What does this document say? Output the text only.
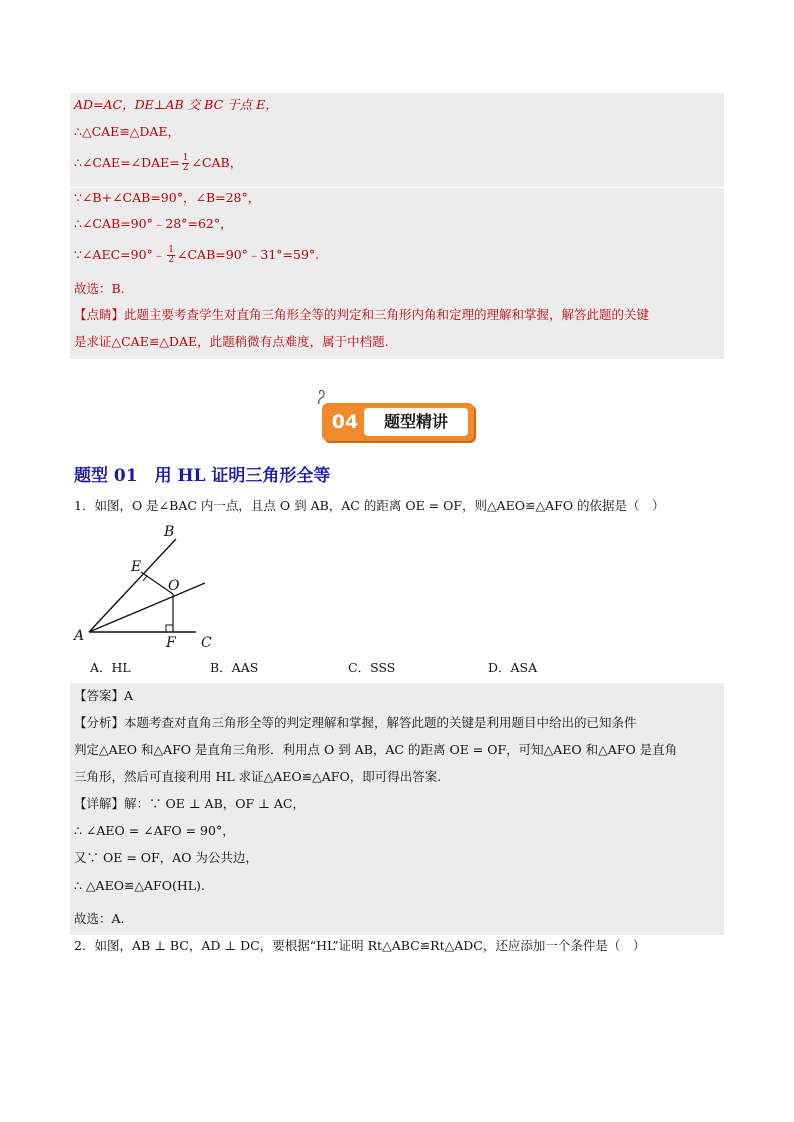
AD=AC，DE⊥AB 交 BC 于点 E，
∴△CAE≌△DAE，
∴∠CAE=∠DAE= $\frac{1}{2}$ ∠CAB，
∵∠B+∠CAB=90°，∠B=28°，
∴∠CAB=90°﹣28°=62°，
∵∠AEC=90°﹣ $\frac{1}{2}$ ∠CAB=90°﹣31°=59°.
故选：B.
【点睛】此题主要考查学生对直角三角形全等的判定和三角形内角和定理的理解和掌握，解答此题的关键
是求证△CAE≌△DAE，此题稍微有点难度，属于中档题.
04	题型精讲
题型 01　用 HL 证明三角形全等
1．如图，O 是∠BAC 内一点，且点 O 到 AB，AC 的距离 OE = OF，则△AEO≌△AFO 的依据是（　）
B
E
O
A	F C
A．HL	B．AAS	C．SSS	D．ASA
【答案】A
【分析】本题考查对直角三角形全等的判定理解和掌握，解答此题的关键是利用题目中给出的已知条件
判定△AEO 和△AFO 是直角三角形．利用点 O 到 AB，AC 的距离 OE = OF，可知△AEO 和△AFO 是直角
三角形，然后可直接利用 HL 求证△AEO≌△AFO，即可得出答案.
【详解】解：∵ OE ⊥ AB，OF ⊥ AC，
∴ ∠AEO = ∠AFO = 90°，
又∵ OE = OF，AO 为公共边，
∴ △AEO≌△AFO(HL).
故选：A.
2．如图，AB ⊥ BC，AD ⊥ DC，要根据“HL”证明 Rt△ABC≌Rt△ADC，还应添加一个条件是（　）
